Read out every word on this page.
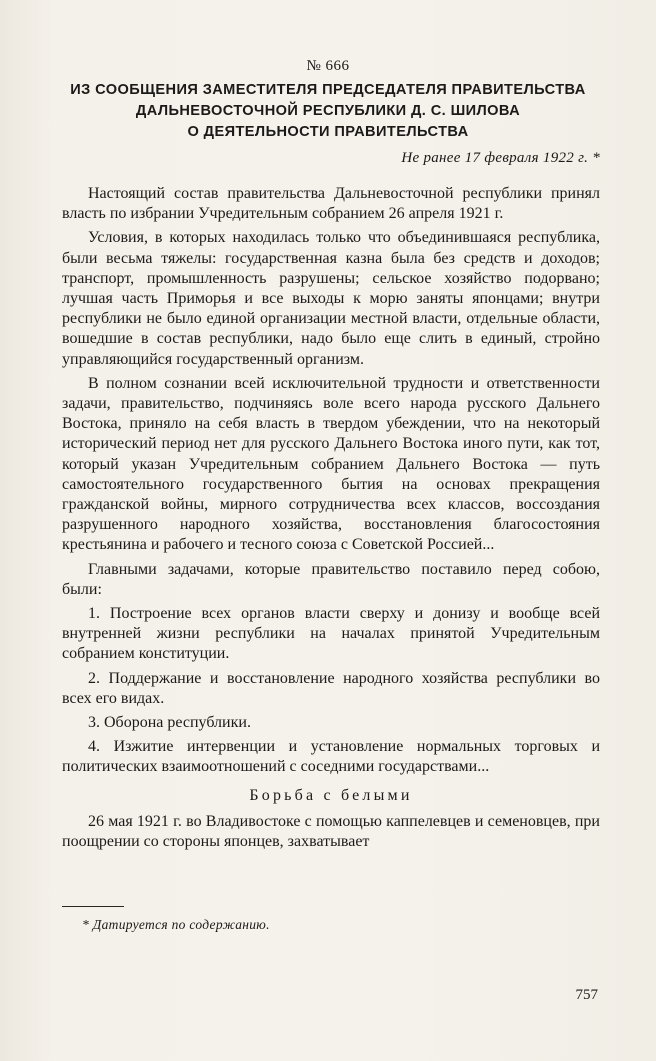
№ 666
ИЗ СООБЩЕНИЯ ЗАМЕСТИТЕЛЯ ПРЕДСЕДАТЕЛЯ ПРАВИТЕЛЬСТВА
ДАЛЬНЕВОСТОЧНОЙ РЕСПУБЛИКИ Д. С. ШИЛОВА
О ДЕЯТЕЛЬНОСТИ ПРАВИТЕЛЬСТВА
Не ранее 17 февраля 1922 г. *

Настоящий состав правительства Дальневосточной республики принял власть по избрании Учредительным собранием 26 апреля 1921 г.

Условия, в которых находилась только что объединившаяся республика, были весьма тяжелы: государственная казна была без средств и доходов; транспорт, промышленность разрушены; сельское хозяйство подорвано; лучшая часть Приморья и все выходы к морю заняты японцами; внутри республики не было единой организации местной власти, отдельные области, вошедшие в состав республики, надо было еще слить в единый, стройно управляющийся государственный организм.

В полном сознании всей исключительной трудности и ответственности задачи, правительство, подчиняясь воле всего народа русского Дальнего Востока, приняло на себя власть в твердом убеждении, что на некоторый исторический период нет для русского Дальнего Востока иного пути, как тот, который указан Учредительным собранием Дальнего Востока — путь самостоятельного государственного бытия на основах прекращения гражданской войны, мирного сотрудничества всех классов, воссоздания разрушенного народного хозяйства, восстановления благосостояния крестьянина и рабочего и тесного союза с Советской Россией...

Главными задачами, которые правительство поставило перед собою, были:

1. Построение всех органов власти сверху и донизу и вообще всей внутренней жизни республики на началах принятой Учредительным собранием конституции.

2. Поддержание и восстановление народного хозяйства республики во всех его видах.

3. Оборона республики.

4. Изжитие интервенции и установление нормальных торговых и политических взаимоотношений с соседними государствами...

Борьба с белыми

26 мая 1921 г. во Владивостоке с помощью каппелевцев и семеновцев, при поощрении со стороны японцев, захватывает

* Датируется по содержанию.
757
